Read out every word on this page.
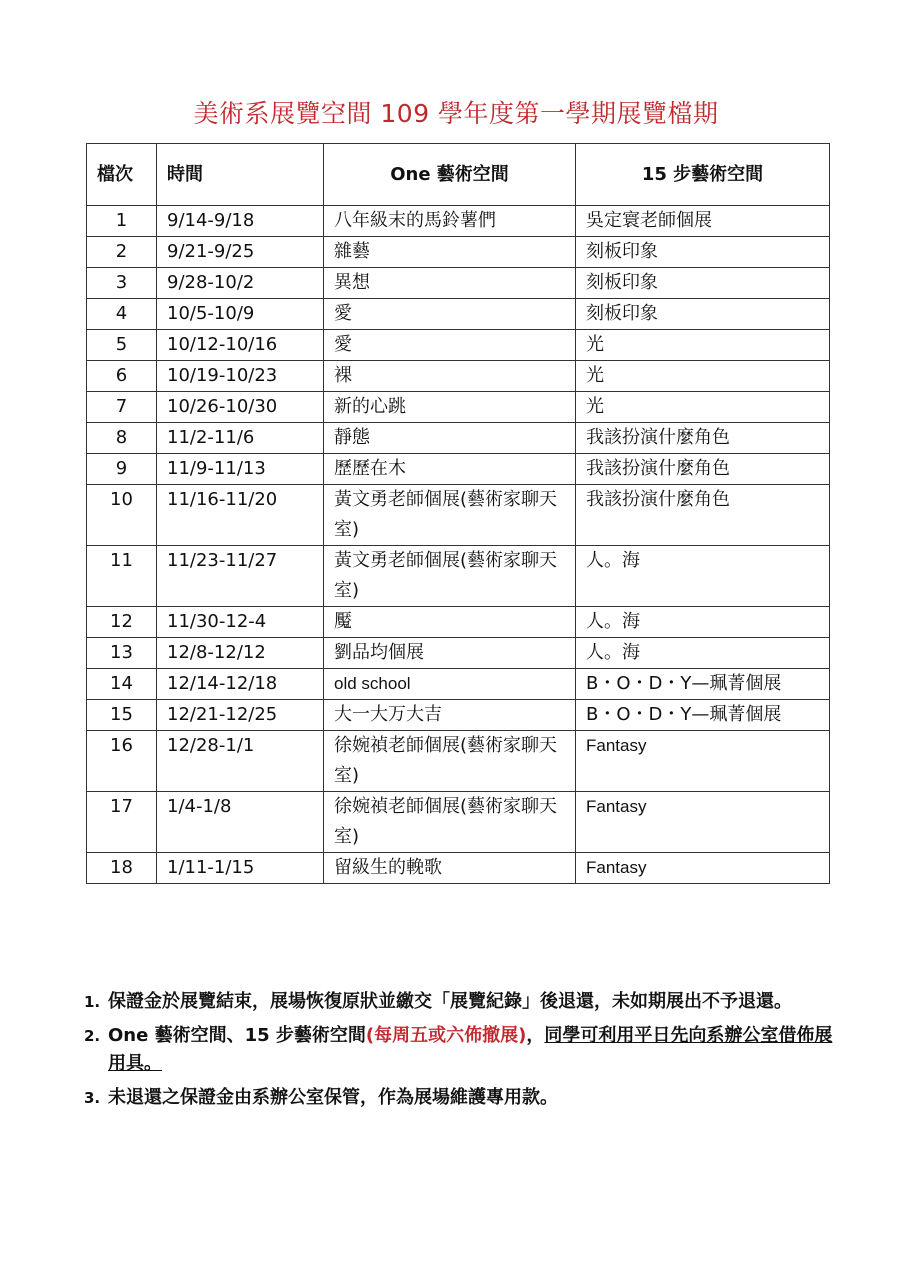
美術系展覽空間 109 學年度第一學期展覽檔期
檔次	時間	One 藝術空間	15 步藝術空間
1	9/14-9/18	八年級末的馬鈴薯們	吳定寰老師個展
2	9/21-9/25	雜藝	刻板印象
3	9/28-10/2	異想	刻板印象
4	10/5-10/9	愛	刻板印象
5	10/12-10/16	愛	光
6	10/19-10/23	裸	光
7	10/26-10/30	新的心跳	光
8	11/2-11/6	靜態	我該扮演什麼角色
9	11/9-11/13	歷歷在木	我該扮演什麼角色
10	11/16-11/20	黃文勇老師個展(藝術家聊天室)	我該扮演什麼角色
11	11/23-11/27	黃文勇老師個展(藝術家聊天室)	人。海
12	11/30-12-4	魘	人。海
13	12/8-12/12	劉品均個展	人。海
14	12/14-12/18	old school	B・O・D・Y—珮菁個展
15	12/21-12/25	大一大万大吉	B・O・D・Y—珮菁個展
16	12/28-1/1	徐婉禎老師個展(藝術家聊天室)	Fantasy
17	1/4-1/8	徐婉禎老師個展(藝術家聊天室)	Fantasy
18	1/11-1/15	留級生的輓歌	Fantasy
1. 保證金於展覽結束，展場恢復原狀並繳交「展覽紀錄」後退還，未如期展出不予退還。
2. One 藝術空間、15 步藝術空間(每周五或六佈撤展)，同學可利用平日先向系辦公室借佈展用具。
3. 未退還之保證金由系辦公室保管，作為展場維護專用款。
